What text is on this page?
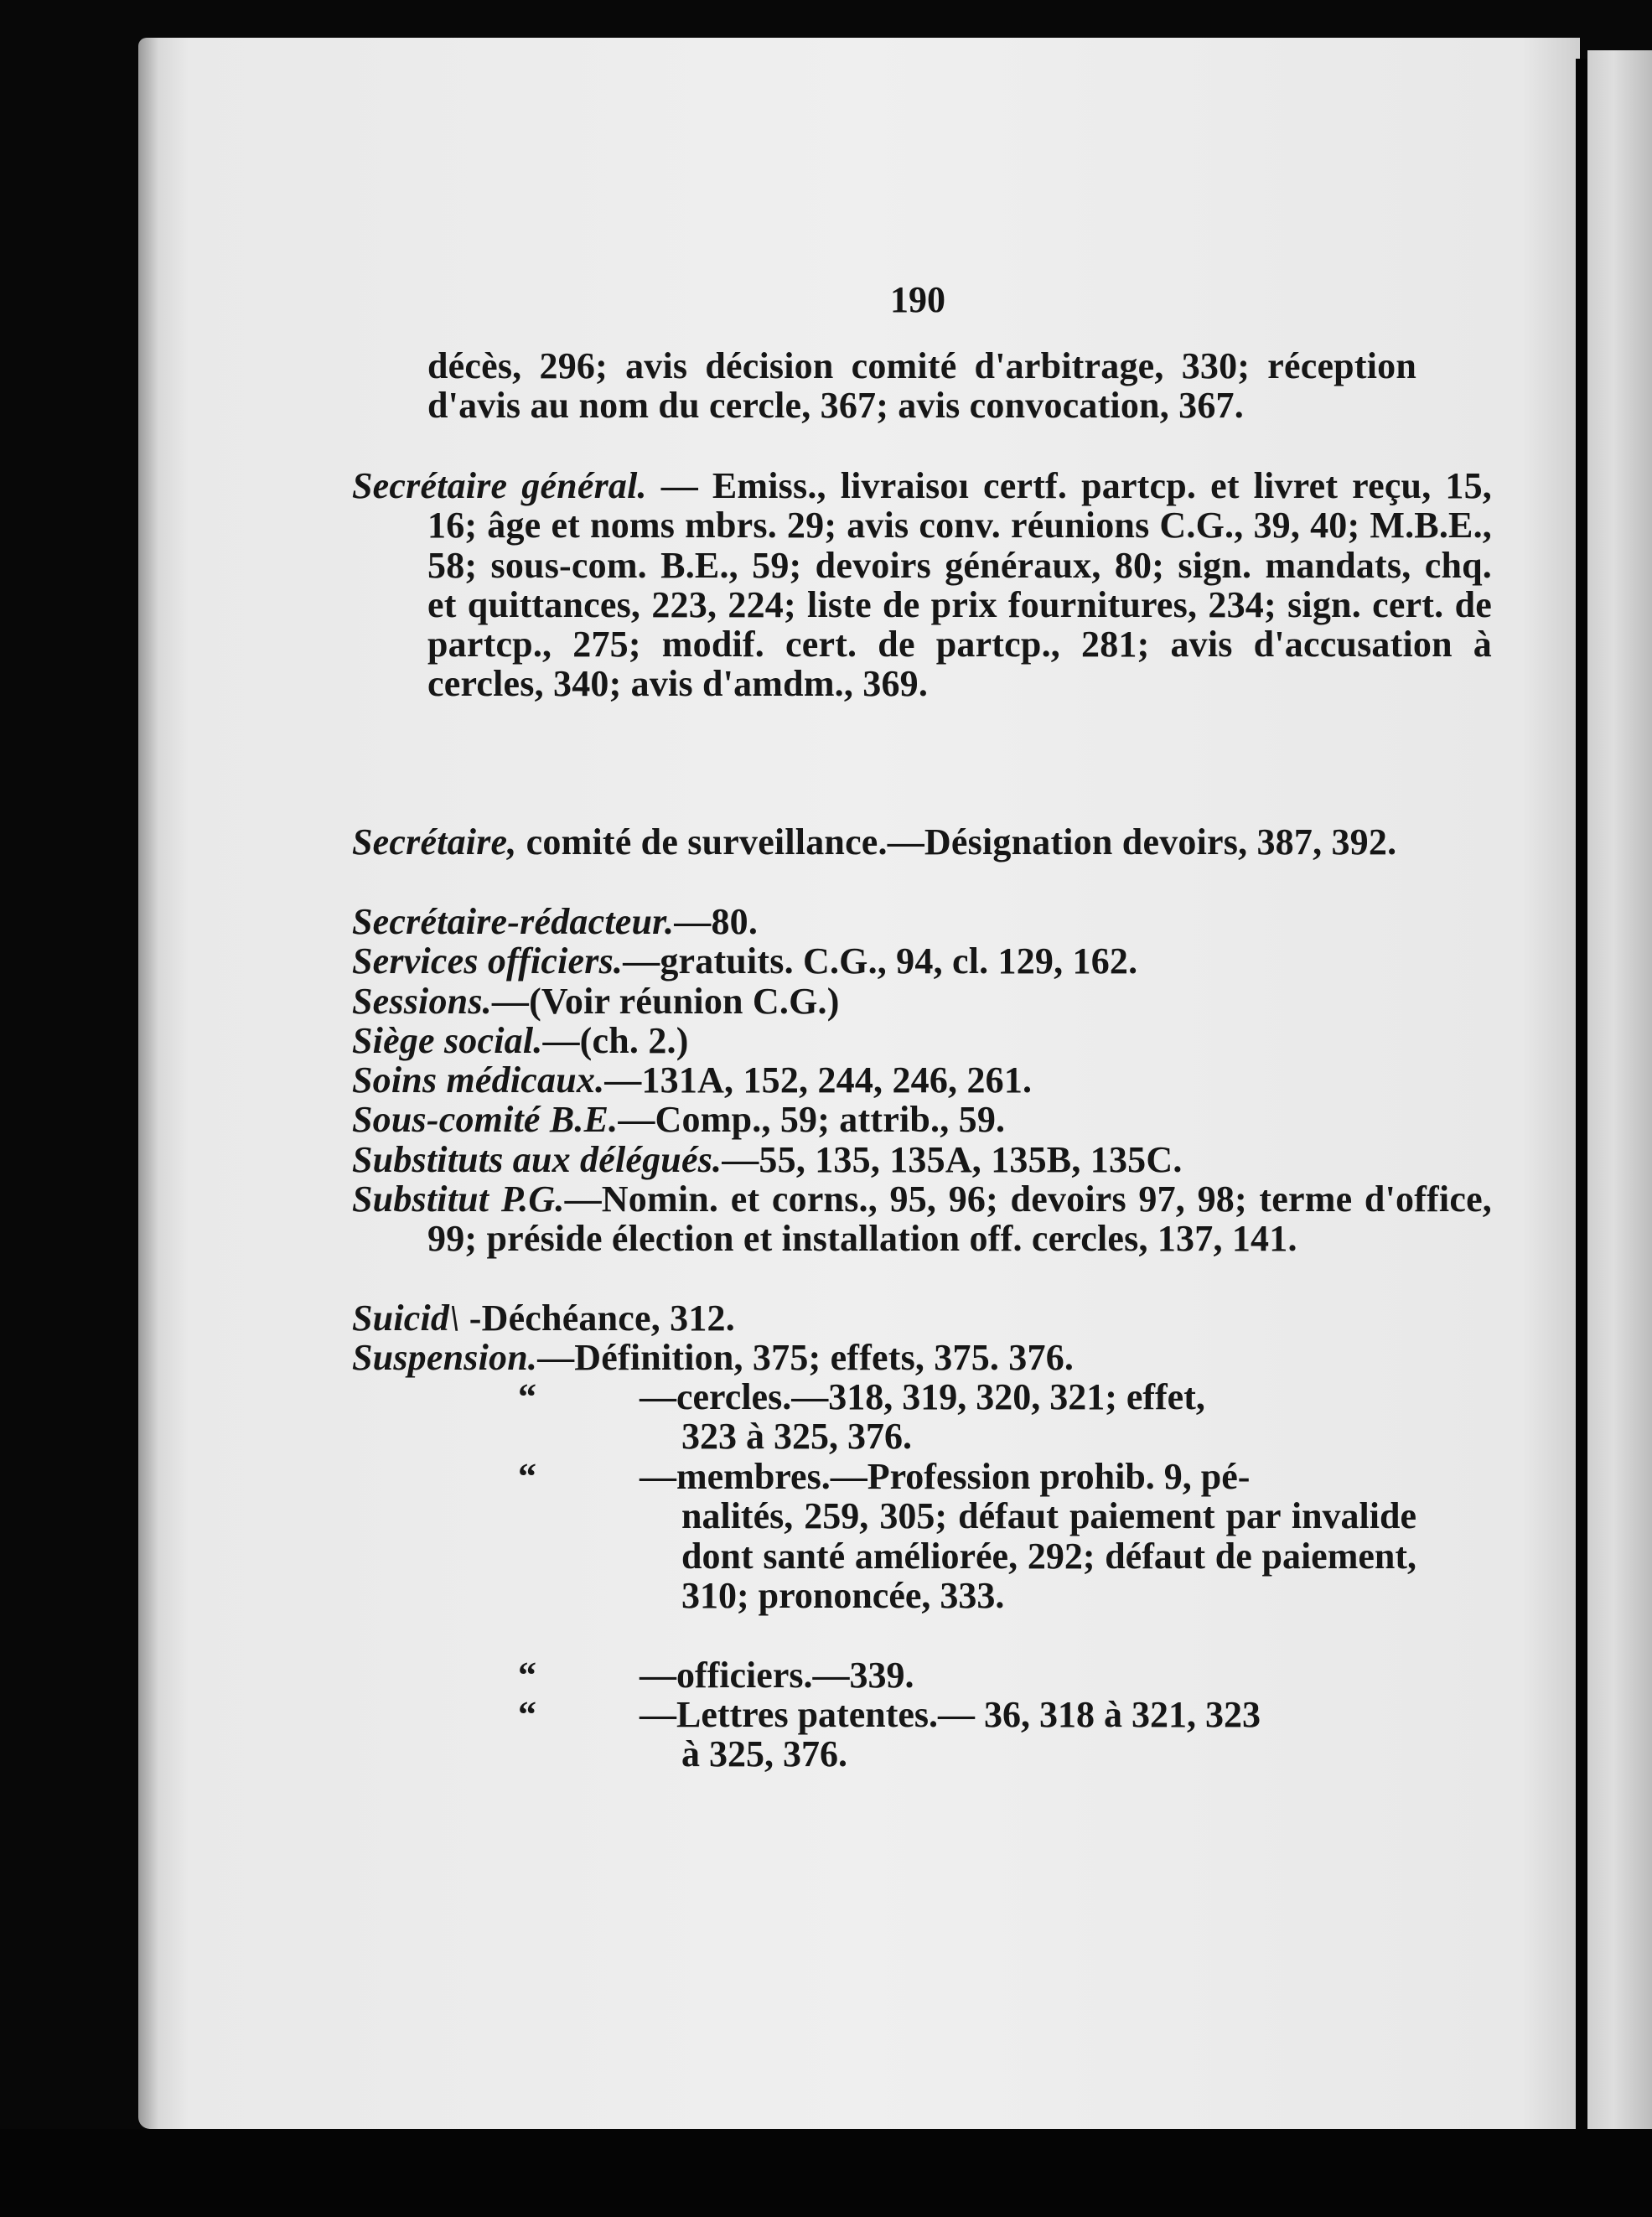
190
décès, 296; avis décision comité d'arbitrage, 330; réception d'avis au nom du cercle, 367; avis convocation, 367.
Secrétaire général. — Emiss., livraisoı certf. partcp. et livret reçu, 15, 16; âge et noms mbrs. 29; avis conv. réunions C.G., 39, 40; M.B.E., 58; sous-com. B.E., 59; devoirs généraux, 80; sign. mandats, chq. et quittances, 223, 224; liste de prix fournitures, 234; sign. cert. de partcp., 275; modif. cert. de partcp., 281; avis d'accusation à cercles, 340; avis d'amdm., 369.
Secrétaire, comité de surveillance.—Désignation devoirs, 387, 392.
Secrétaire-rédacteur.—80.
Services officiers.—gratuits. C.G., 94, cl. 129, 162.
Sessions.—(Voir réunion C.G.)
Siège social.—(ch. 2.)
Soins médicaux.—131A, 152, 244, 246, 261.
Sous-comité B.E.—Comp., 59; attrib., 59.
Substituts aux délégués.—55, 135, 135A, 135B, 135C.
Substitut P.G.—Nomin. et corns., 95, 96; devoirs 97, 98; terme d'office, 99; préside élection et installation off. cercles, 137, 141.
Suicid\ -Déchéance, 312.
Suspension.—Définition, 375; effets, 375. 376.
“	—cercles.—318, 319, 320, 321; effet,
323 à 325, 376.
“	—membres.—Profession prohib. 9, pé-
nalités, 259, 305; défaut paiement par invalide dont santé améliorée, 292; défaut de paiement, 310; prononcée, 333.
“	—officiers.—339.
“	—Lettres patentes.— 36, 318 à 321, 323
à 325, 376.
